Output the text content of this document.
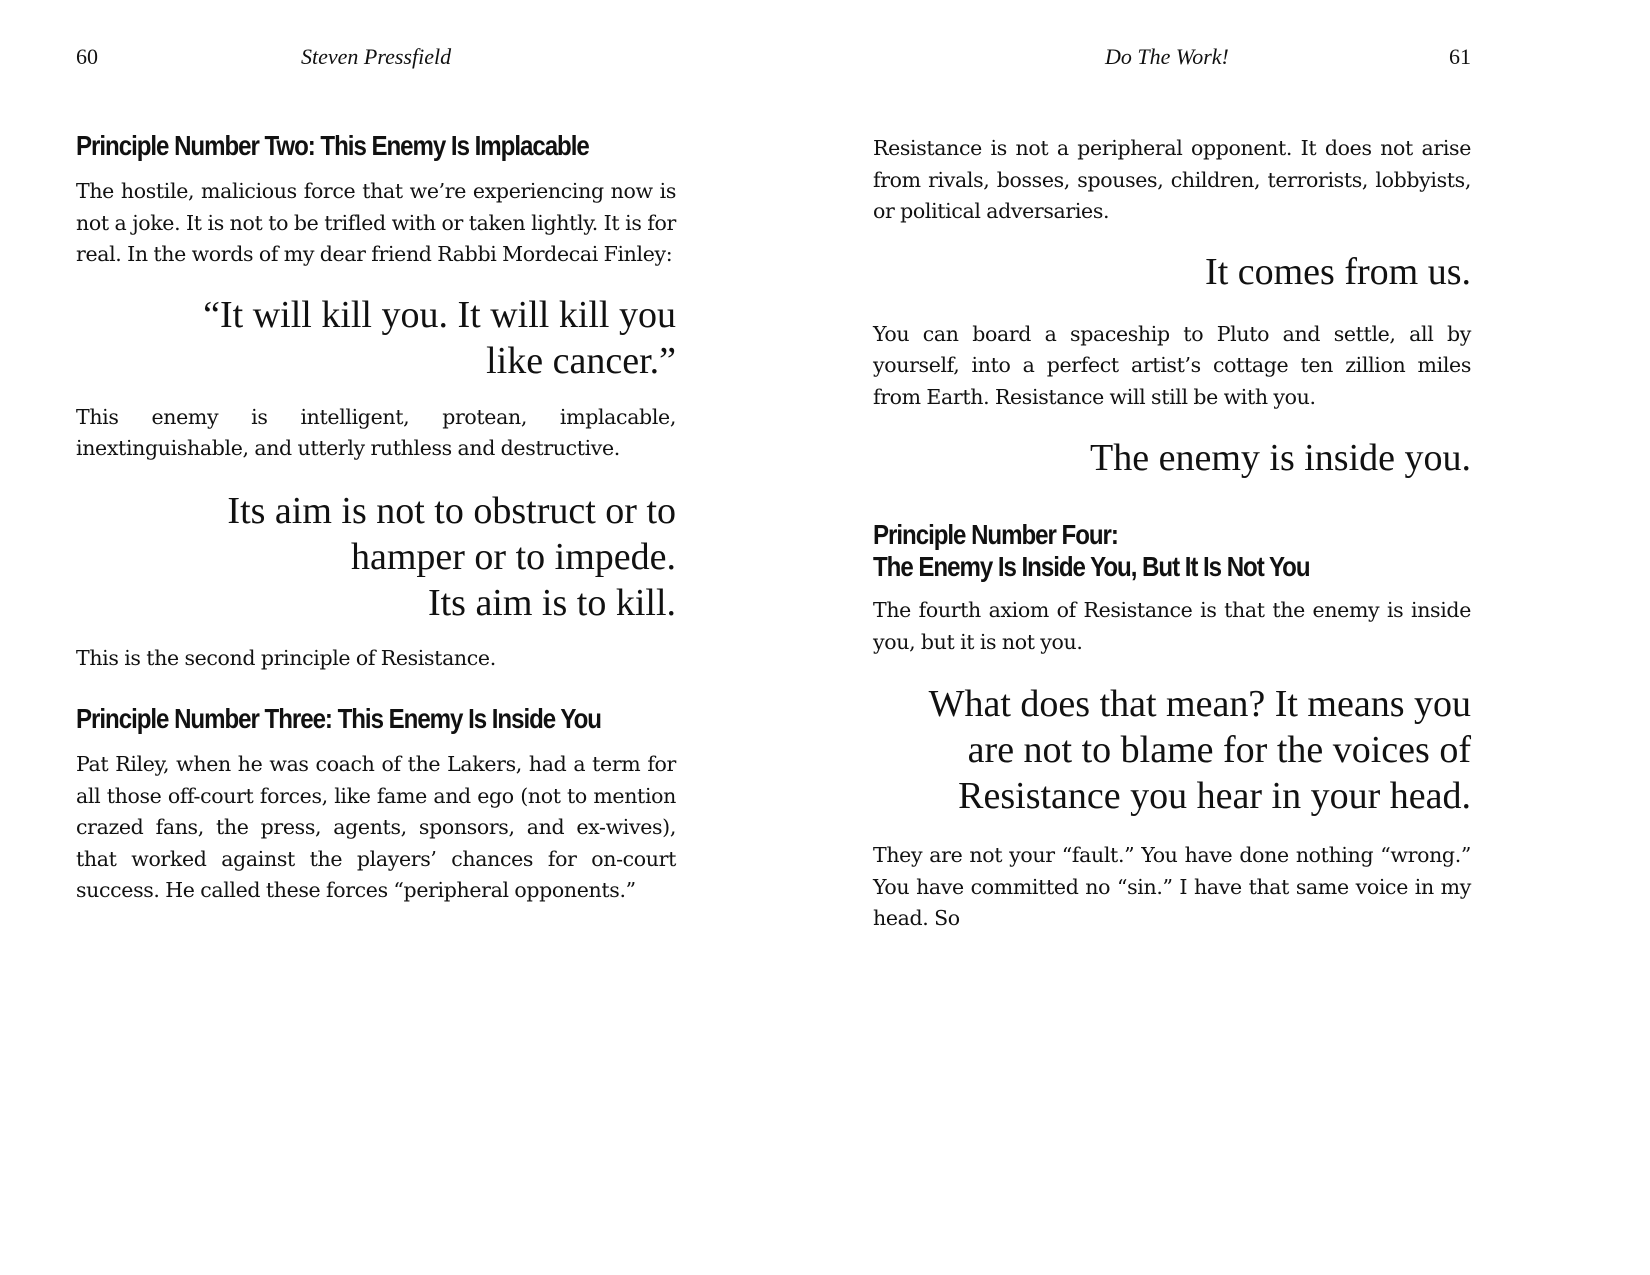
60	Steven Pressfield
Principle Number Two: This Enemy Is Implacable

The hostile, malicious force that we’re experiencing now is not a joke. It is not to be trifled with or taken lightly. It is for real. In the words of my dear friend Rabbi Mordecai Finley:

“It will kill you. It will kill you
like cancer.”

This enemy is intelligent, protean, implacable, inextinguishable, and utterly ruthless and destructive.

Its aim is not to obstruct or to
hamper or to impede.
Its aim is to kill.

This is the second principle of Resistance.

Principle Number Three: This Enemy Is Inside You

Pat Riley, when he was coach of the Lakers, had a term for all those off-court forces, like fame and ego (not to mention crazed fans, the press, agents, sponsors, and ex-wives), that worked against the players’ chances for on-court success. He called these forces “peripheral opponents.”

Do The Work!	61

Resistance is not a peripheral opponent. It does not arise from rivals, bosses, spouses, children, terrorists, lobbyists, or political adversaries.

It comes from us.

You can board a spaceship to Pluto and settle, all by yourself, into a perfect artist’s cottage ten zillion miles from Earth. Resistance will still be with you.

The enemy is inside you.

Principle Number Four:
The Enemy Is Inside You, But It Is Not You

The fourth axiom of Resistance is that the enemy is inside you, but it is not you.

What does that mean? It means you
are not to blame for the voices of
Resistance you hear in your head.

They are not your “fault.” You have done nothing “wrong.” You have committed no “sin.” I have that same voice in my head. So
